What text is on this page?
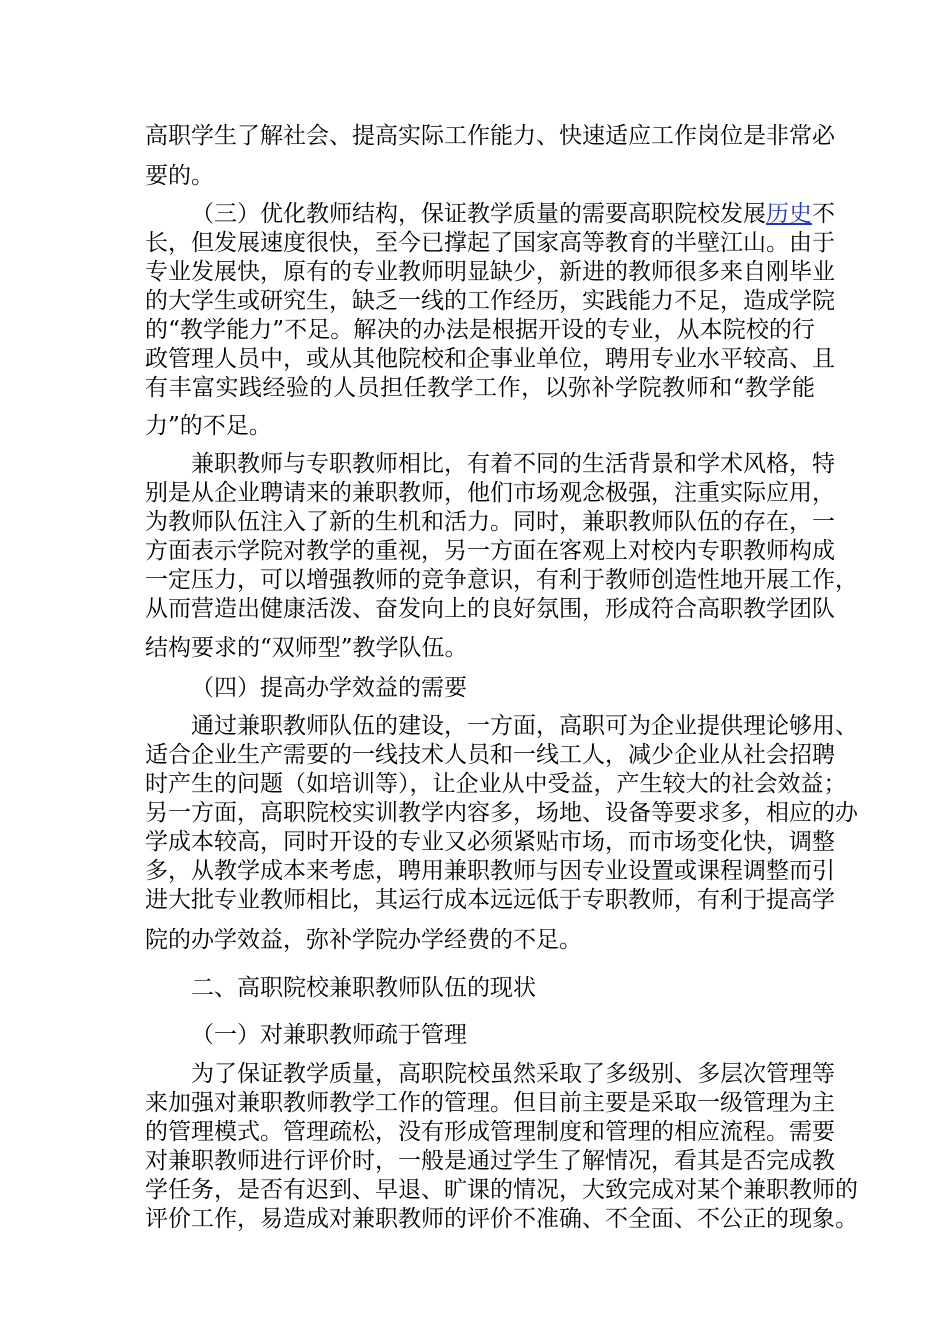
高职学生了解社会、提高实际工作能力、快速适应工作岗位是非常必
要的。
（三）优化教师结构，保证教学质量的需要高职院校发展历史不
长，但发展速度很快，至今已撑起了国家高等教育的半壁江山。由于
专业发展快，原有的专业教师明显缺少，新进的教师很多来自刚毕业
的大学生或研究生，缺乏一线的工作经历，实践能力不足，造成学院
的“教学能力”不足。解决的办法是根据开设的专业，从本院校的行
政管理人员中，或从其他院校和企事业单位，聘用专业水平较高、且
有丰富实践经验的人员担任教学工作，以弥补学院教师和“教学能
力”的不足。
兼职教师与专职教师相比，有着不同的生活背景和学术风格，特
别是从企业聘请来的兼职教师，他们市场观念极强，注重实际应用，
为教师队伍注入了新的生机和活力。同时，兼职教师队伍的存在，一
方面表示学院对教学的重视，另一方面在客观上对校内专职教师构成
一定压力，可以增强教师的竞争意识，有利于教师创造性地开展工作，
从而营造出健康活泼、奋发向上的良好氛围，形成符合高职教学团队
结构要求的“双师型”教学队伍。
（四）提高办学效益的需要
通过兼职教师队伍的建设，一方面，高职可为企业提供理论够用、
适合企业生产需要的一线技术人员和一线工人，减少企业从社会招聘
时产生的问题（如培训等），让企业从中受益，产生较大的社会效益；
另一方面，高职院校实训教学内容多，场地、设备等要求多，相应的办
学成本较高，同时开设的专业又必须紧贴市场，而市场变化快，调整
多，从教学成本来考虑，聘用兼职教师与因专业设置或课程调整而引
进大批专业教师相比，其运行成本远远低于专职教师，有利于提高学
院的办学效益，弥补学院办学经费的不足。
二、高职院校兼职教师队伍的现状
（一）对兼职教师疏于管理
为了保证教学质量，高职院校虽然采取了多级别、多层次管理等
来加强对兼职教师教学工作的管理。但目前主要是采取一级管理为主
的管理模式。管理疏松，没有形成管理制度和管理的相应流程。需要
对兼职教师进行评价时，一般是通过学生了解情况，看其是否完成教
学任务，是否有迟到、早退、旷课的情况，大致完成对某个兼职教师的
评价工作，易造成对兼职教师的评价不准确、不全面、不公正的现象。
